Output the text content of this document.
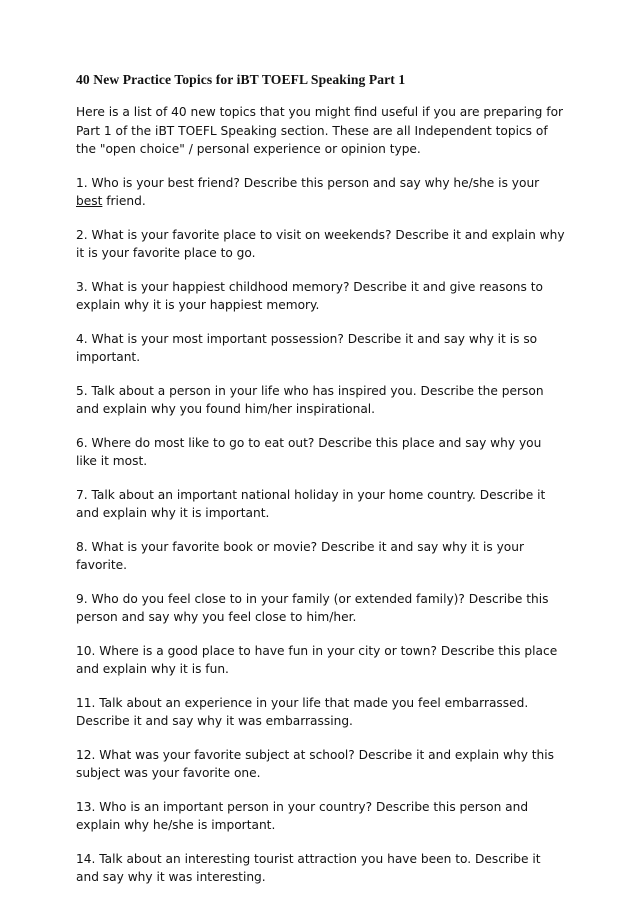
40 New Practice Topics for iBT TOEFL Speaking Part 1
Here is a list of 40 new topics that you might find useful if you are preparing for Part 1 of the iBT TOEFL Speaking section. These are all Independent topics of the "open choice" / personal experience or opinion type.
1. Who is your best friend? Describe this person and say why he/she is your best friend.
2. What is your favorite place to visit on weekends? Describe it and explain why it is your favorite place to go.
3. What is your happiest childhood memory? Describe it and give reasons to explain why it is your happiest memory.
4. What is your most important possession? Describe it and say why it is so important.
5. Talk about a person in your life who has inspired you. Describe the person and explain why you found him/her inspirational.
6. Where do most like to go to eat out? Describe this place and say why you like it most.
7. Talk about an important national holiday in your home country. Describe it and explain why it is important.
8. What is your favorite book or movie? Describe it and say why it is your favorite.
9. Who do you feel close to in your family (or extended family)? Describe this person and say why you feel close to him/her.
10. Where is a good place to have fun in your city or town? Describe this place and explain why it is fun.
11. Talk about an experience in your life that made you feel embarrassed. Describe it and say why it was embarrassing.
12. What was your favorite subject at school? Describe it and explain why this subject was your favorite one.
13. Who is an important person in your country? Describe this person and explain why he/she is important.
14. Talk about an interesting tourist attraction you have been to. Describe it and say why it was interesting.
